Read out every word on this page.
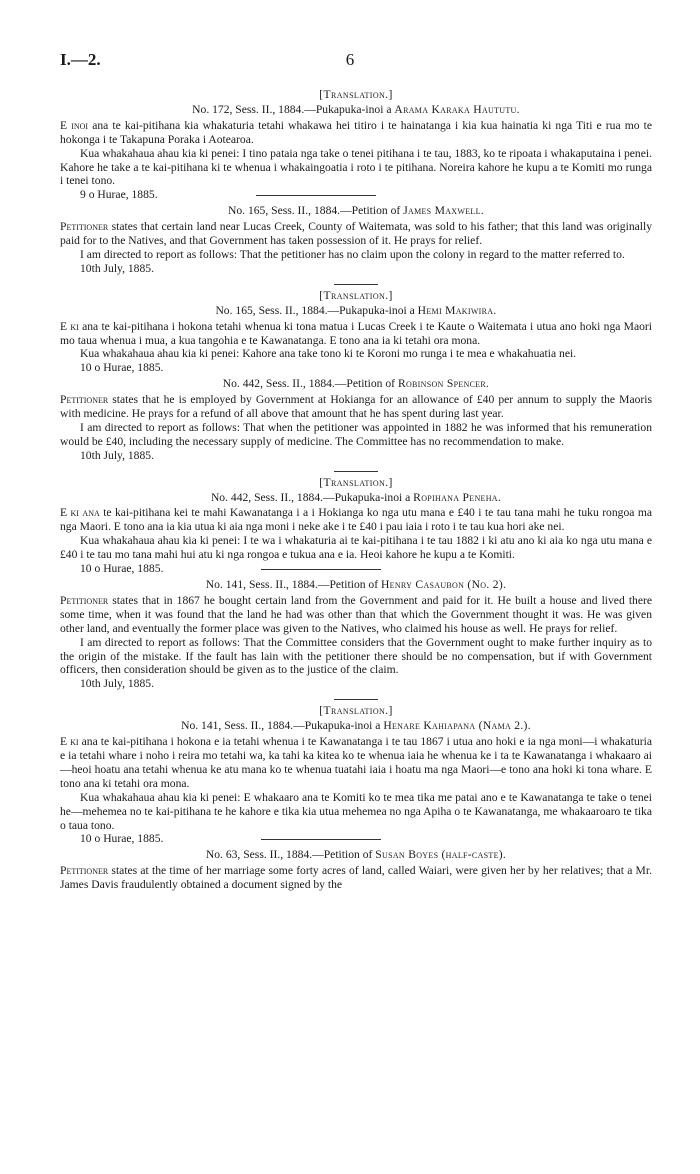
I.—2.	6
[Translation.]
No. 172, Sess. II., 1884.—Pukapuka-inoi a Arama Karaka Haututu.

E inoi ana te kai-pitihana kia whakaturia tetahi whakawa hei titiro i te hainatanga i kia kua hainatia ki nga Titi e rua mo te hokonga i te Takapuna Poraka i Aotearoa.

Kua whakahaua ahau kia ki penei: I tino pataia nga take o tenei pitihana i te tau, 1883, ko te ripoata i whakaputaina i penei. Kahore he take a te kai-pitihana ki te whenua i whakaingoatia i roto i te pitihana. Noreira kahore he kupu a te Komiti mo runga i tenei tono.

9 o Hurae, 1885.

No. 165, Sess. II., 1884.—Petition of James Maxwell.

Petitioner states that certain land near Lucas Creek, County of Waitemata, was sold to his father; that this land was originally paid for to the Natives, and that Government has taken possession of it. He prays for relief.

I am directed to report as follows: That the petitioner has no claim upon the colony in regard to the matter referred to.

10th July, 1885.

[Translation.]
No. 165, Sess. II., 1884.—Pukapuka-inoi a Hemi Makiwira.

E ki ana te kai-pitihana i hokona tetahi whenua ki tona matua i Lucas Creek i te Kaute o Waitemata i utua ano hoki nga Maori mo taua whenua i mua, a kua tangohia e te Kawanatanga. E tono ana ia ki tetahi ora mona.

Kua whakahaua ahau kia ki penei: Kahore ana take tono ki te Koroni mo runga i te mea e whakahuatia nei.

10 o Hurae, 1885.

No. 442, Sess. II., 1884.—Petition of Robinson Spencer.

Petitioner states that he is employed by Government at Hokianga for an allowance of £40 per annum to supply the Maoris with medicine. He prays for a refund of all above that amount that he has spent during last year.

I am directed to report as follows: That when the petitioner was appointed in 1882 he was informed that his remuneration would be £40, including the necessary supply of medicine. The Committee has no recommendation to make.

10th July, 1885.

[Translation.]
No. 442, Sess. II., 1884.—Pukapuka-inoi a Ropihana Peneha.

E ki ana te kai-pitihana kei te mahi Kawanatanga i a i Hokianga ko nga utu mana e £40 i te tau tana mahi he tuku rongoa ma nga Maori. E tono ana ia kia utua ki aia nga moni i neke ake i te £40 i pau iaia i roto i te tau kua hori ake nei.

Kua whakahaua ahau kia ki penei: I te wa i whakaturia ai te kai-pitihana i te tau 1882 i ki atu ano ki aia ko nga utu mana e £40 i te tau mo tana mahi hui atu ki nga rongoa e tukua ana e ia. Heoi kahore he kupu a te Komiti.

10 o Hurae, 1885.

No. 141, Sess. II., 1884.—Petition of Henry Casaubon (No. 2).

Petitioner states that in 1867 he bought certain land from the Government and paid for it. He built a house and lived there some time, when it was found that the land he had was other than that which the Government thought it was. He was given other land, and eventually the former place was given to the Natives, who claimed his house as well. He prays for relief.

I am directed to report as follows: That the Committee considers that the Government ought to make further inquiry as to the origin of the mistake. If the fault has lain with the petitioner there should be no compensation, but if with Government officers, then consideration should be given as to the justice of the claim.

10th July, 1885.

[Translation.]
No. 141, Sess. II., 1884.—Pukapuka-inoi a Henare Kahiapana (Nama 2.).

E ki ana te kai-pitihana i hokona e ia tetahi whenua i te Kawanatanga i te tau 1867 i utua ano hoki e ia nga moni—i whakaturia e ia tetahi whare i noho i reira mo tetahi wa, ka tahi ka kitea ko te whenua iaia he whenua ke i ta te Kawanatanga i whakaaro ai—heoi hoatu ana tetahi whenua ke atu mana ko te whenua tuatahi iaia i hoatu ma nga Maori—e tono ana hoki ki tona whare. E tono ana ki tetahi ora mona.

Kua whakahaua ahau kia ki penei: E whakaaro ana te Komiti ko te mea tika me patai ano e te Kawanatanga te take o tenei he—mehemea no te kai-pitihana te he kahore e tika kia utua mehemea no nga Apiha o te Kawanatanga, me whakaaroaro te tika o taua tono.

10 o Hurae, 1885.

No. 63, Sess. II., 1884.—Petition of Susan Boyes (half-caste).

Petitioner states at the time of her marriage some forty acres of land, called Waiari, were given her by her relatives; that a Mr. James Davis fraudulently obtained a document signed by the
